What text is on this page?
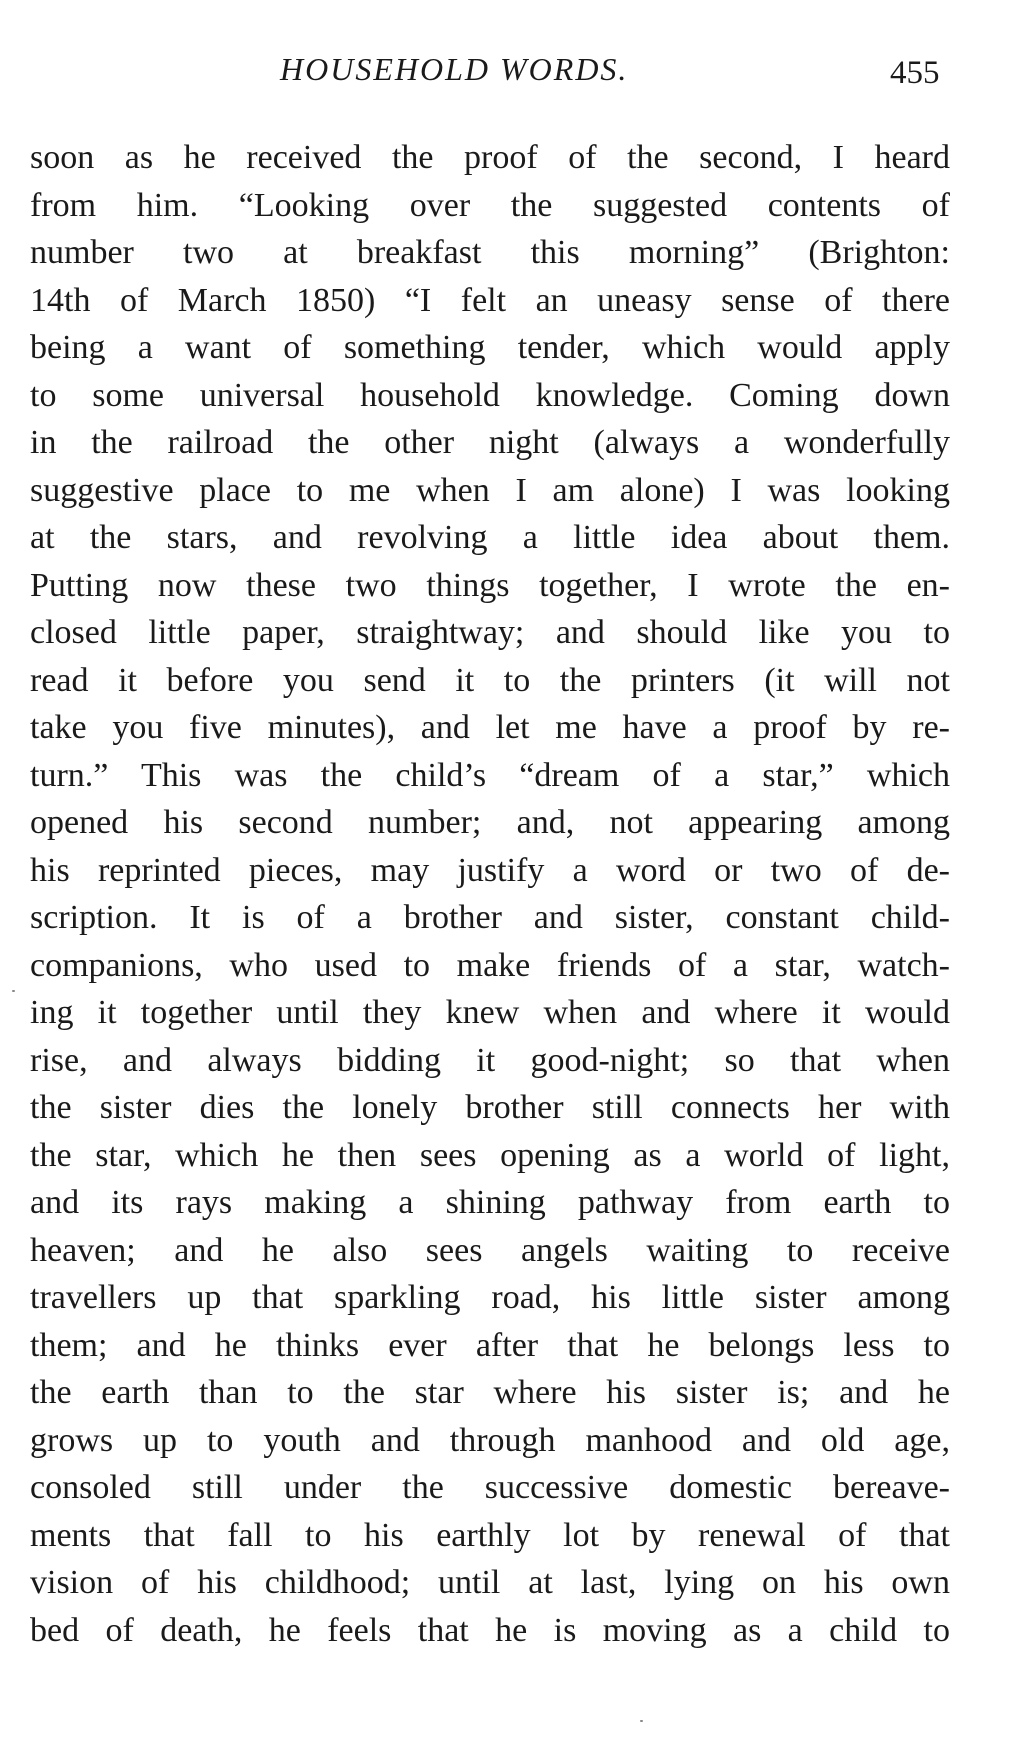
HOUSEHOLD WORDS.	455
soon as he received the proof of the second, I heard
from him. “Looking over the suggested contents of
number two at breakfast this morning” (Brighton:
14th of March 1850) “I felt an uneasy sense of there
being a want of something tender, which would apply
to some universal household knowledge. Coming down
in the railroad the other night (always a wonderfully
suggestive place to me when I am alone) I was looking
at the stars, and revolving a little idea about them.
Putting now these two things together, I wrote the en-
closed little paper, straightway; and should like you to
read it before you send it to the printers (it will not
take you five minutes), and let me have a proof by re-
turn.” This was the child’s “dream of a star,” which
opened his second number; and, not appearing among
his reprinted pieces, may justify a word or two of de-
scription. It is of a brother and sister, constant child-
companions, who used to make friends of a star, watch-
ing it together until they knew when and where it would
rise, and always bidding it good-night; so that when
the sister dies the lonely brother still connects her with
the star, which he then sees opening as a world of light,
and its rays making a shining pathway from earth to
heaven; and he also sees angels waiting to receive
travellers up that sparkling road, his little sister among
them; and he thinks ever after that he belongs less to
the earth than to the star where his sister is; and he
grows up to youth and through manhood and old age,
consoled still under the successive domestic bereave-
ments that fall to his earthly lot by renewal of that
vision of his childhood; until at last, lying on his own
bed of death, he feels that he is moving as a child to
